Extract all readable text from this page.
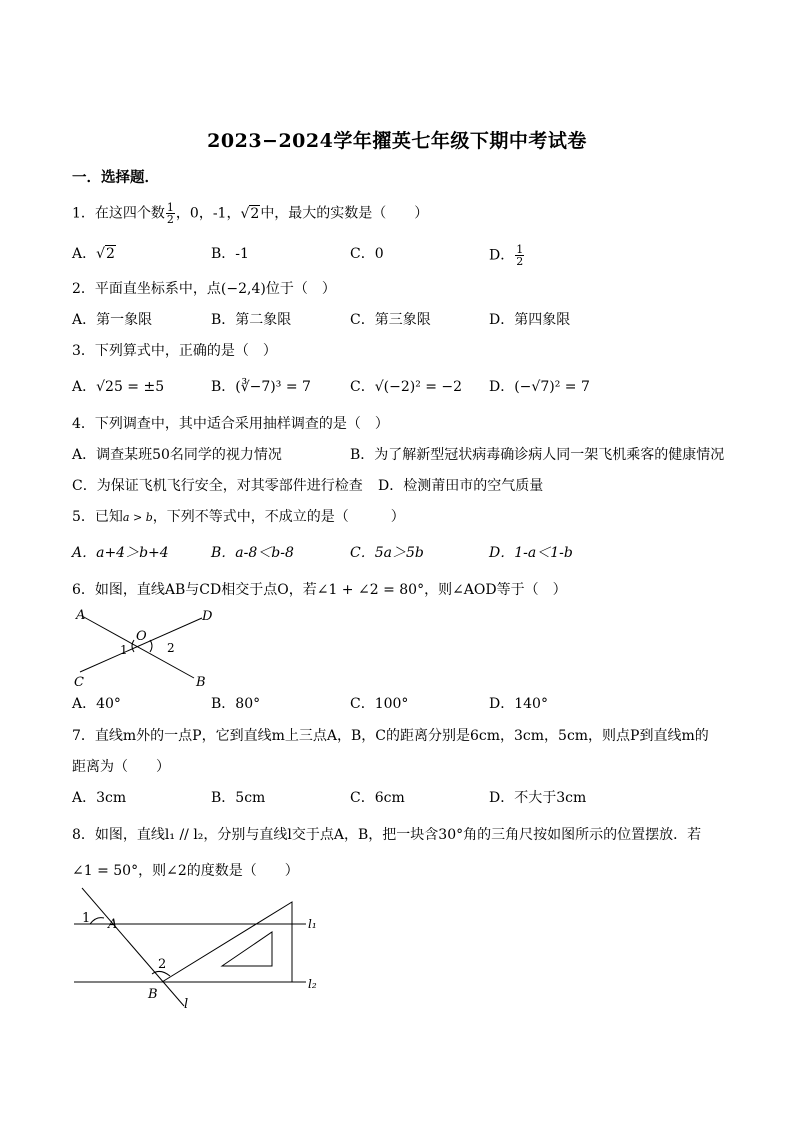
2023−2024学年擢英七年级下期中考试卷
一．选择题．
1．在这四个数 $\frac{1}{2}$ ，0，-1，√2中，最大的实数是（　　）
A．√2	B．-1	C．0	D． $\frac{1}{2}$
2．平面直坐标系中，点(−2,4)位于（　）
A．第一象限	B．第二象限	C．第三象限	D．第四象限
3．下列算式中，正确的是（　）
A．√25 = ±5	B．(∛−7)³ = 7	C．√(−2)² = −2 D．(−√7)² = 7
4．下列调查中，其中适合采用抽样调查的是（　）
A．调查某班50名同学的视力情况	B．为了解新型冠状病毒确诊病人同一架飞机乘客的健康情况
C．为保证飞机飞行安全，对其零部件进行检查 D．检测莆田市的空气质量
5．已知a > b，下列不等式中，不成立的是（　　　）
A．a+4＞b+4	B．a-8＜b-8	C．5a＞5b	D．1-a＜1-b
6．如图，直线AB与CD相交于点O，若∠1 + ∠2 = 80°，则∠AOD等于（　）
A	D
O
1	2
C	B
A．40°	B．80°	C．100°	D．140°
7．直线m外的一点P，它到直线m上三点A，B，C的距离分别是6cm，3cm，5cm，则点P到直线m的
距离为（　　）
A．3cm	B．5cm	C．6cm	D．不大于3cm
8．如图，直线l₁ // l₂，分别与直线l交于点A，B，把一块含30°角的三角尺按如图所示的位置摆放．若
∠1 = 50°，则∠2的度数是（　　）
1 A	l₁
2
B
l₂
l
